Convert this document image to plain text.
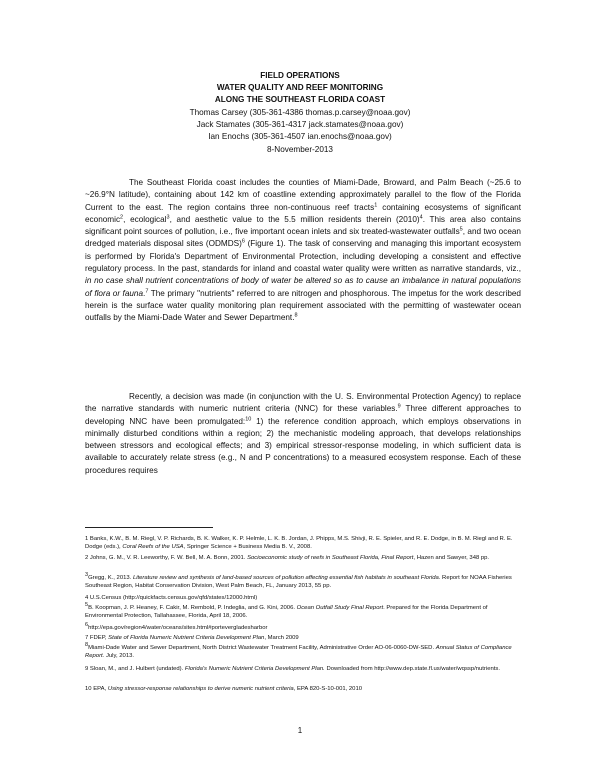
FIELD OPERATIONS
WATER QUALITY AND REEF MONITORING
ALONG THE SOUTHEAST FLORIDA COAST
Thomas Carsey (305-361-4386 thomas.p.carsey@noaa.gov)
Jack Stamates (305-361-4317 jack.stamates@noaa.gov)
Ian Enochs (305-361-4507 ian.enochs@noaa.gov)
8-November-2013

The Southeast Florida coast includes the counties of Miami-Dade, Broward, and Palm Beach (~25.6 to ~26.9°N latitude), containing about 142 km of coastline extending approximately parallel to the flow of the Florida Current to the east. The region contains three non-continuous reef tracts$^1$ containing ecosystems of significant economic$^2$, ecological$^3$, and aesthetic value to the 5.5 million residents therein $(2010)^4$. This area also contains significant point sources of pollution, i.e., five important ocean inlets and six treated-wastewater outfalls$^5$, and two ocean dredged materials disposal sites (ODMDS)$^6$ (Figure 1). The task of conserving and managing this important ecosystem is performed by Florida's Department of Environmental Protection, including developing a consistent and effective regulatory process. In the past, standards for inland and coastal water quality were written as narrative standards, viz., in no case shall nutrient concentrations of body of water be altered so as to cause an imbalance in natural populations of flora or fauna.$^7$ The primary "nutrients" referred to are nitrogen and phosphorous. The impetus for the work described herein is the surface water quality monitoring plan requirement associated with the permitting of wastewater ocean outfalls by the Miami-Dade Water and Sewer Department.$^8$

Recently, a decision was made (in conjunction with the U. S. Environmental Protection Agency) to replace the narrative standards with numeric nutrient criteria (NNC) for these variables.$^9$ Three different approaches to developing NNC have been promulgated:$^{10}$ 1) the reference condition approach, which employs observations in minimally disturbed conditions within a region; 2) the mechanistic modeling approach, that develops relationships between stressors and ecological effects; and 3) empirical stressor-response modeling, in which sufficient data is available to accurately relate stress (e.g., N and P concentrations) to a measured ecosystem response. Each of these procedures requires

1 Banks, K.W., B. M. Riegl, V. P. Richards, B. K. Walker, K. P. Helmle, L. K. B. Jordan, J. Phipps, M.S. Shivji, R. E. Spieler, and R. E. Dodge, in B. M. Riegl and R. E. Dodge (eds.), Coral Reefs of the USA, Springer Science + Business Media B. V., 2008.

2 Johns, G. M., V. R. Leeworthy, F. W. Bell, M. A. Bonn, 2001. Socioeconomic study of reefs in Southeast Florida, Final Report, Hazen and Sawyer, 348 pp.

$^3$Gregg, K., 2013. Literature review and synthesis of land-based sources of pollution affecting essential fish habitats in southeast Florida. Report for NOAA Fisheries Southeast Region, Habitat Conservation Division, West Palm Beach, FL, January 2013, 55 pp.

4 U.S.Census (http://quickfacts.census.gov/qfd/states/12000.html)

$^5$B. Koopman, J. P. Heaney, F. Cakir, M. Rembold, P. Indeglia, and G. Kini, 2006. Ocean Outfall Study Final Report. Prepared for the Florida Department of Environmental Protection, Tallahassee, Florida, April 18, 2006.

$^6$http://epa.gov/region4/water/oceans/sites.html#portevergladesharbor

7 FDEP, State of Florida Numeric Nutrient Criteria Development Plan, March 2009

$^8$Miami-Dade Water and Sewer Department, North District Wastewater Treatment Facility, Administrative Order AO-06-0060-DW-SED. Annual Status of Compliance Report. July, 2013.

9 Sloan, M., and J. Hulbert (undated). Florida's Numeric Nutrient Criteria Development Plan. Downloaded from http://www.dep.state.fl.us/water/wqssp/nutrients.

10 EPA, Using stressor-response relationships to derive numeric nutrient criteria, EPA 820-S-10-001, 2010

1
